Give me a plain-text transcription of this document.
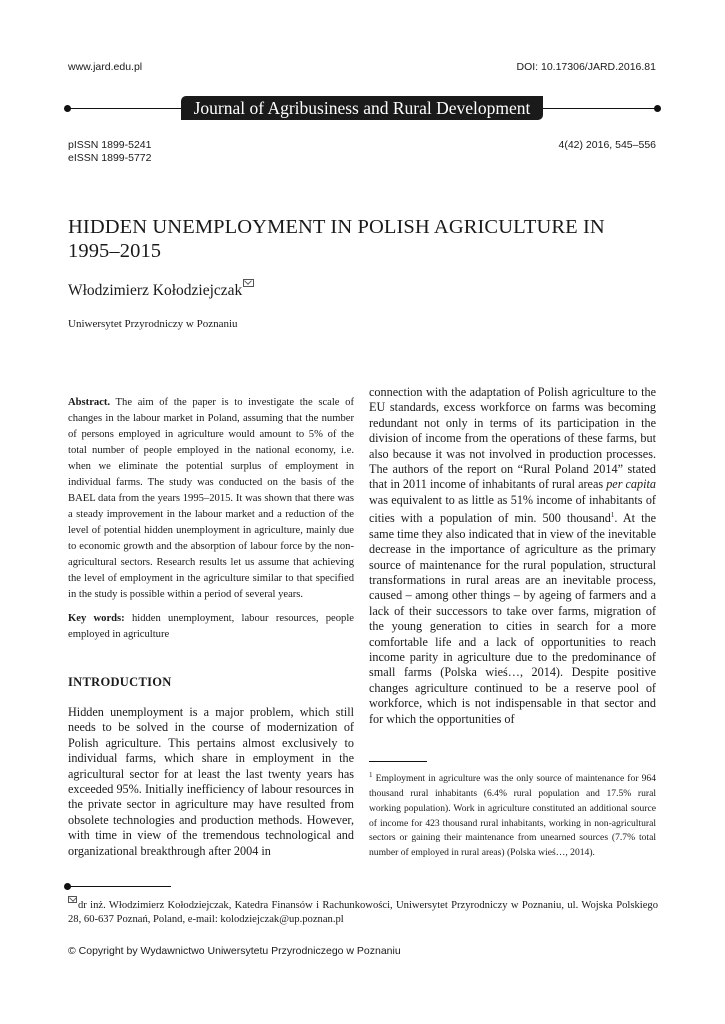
www.jard.edu.pl	DOI: 10.17306/JARD.2016.81
Journal of Agribusiness and Rural Development
pISSN 1899-5241
eISSN 1899-5772
4(42) 2016, 545–556
HIDDEN UNEMPLOYMENT IN POLISH AGRICULTURE IN 1995–2015
Włodzimierz Kołodziejczak
Uniwersytet Przyrodniczy w Poznaniu
Abstract. The aim of the paper is to investigate the scale of changes in the labour market in Poland, assuming that the number of persons employed in agriculture would amount to 5% of the total number of people employed in the national economy, i.e. when we eliminate the potential surplus of employment in individual farms. The study was conducted on the basis of the BAEL data from the years 1995–2015. It was shown that there was a steady improvement in the labour market and a reduction of the level of potential hidden unemployment in agriculture, mainly due to economic growth and the absorption of labour force by the non-agricultural sectors. Research results let us assume that achieving the level of employment in the agriculture similar to that specified in the study is possible within a period of several years.
Key words: hidden unemployment, labour resources, people employed in agriculture
INTRODUCTION
Hidden unemployment is a major problem, which still needs to be solved in the course of modernization of Polish agriculture. This pertains almost exclusively to individual farms, which share in employment in the agricultural sector for at least the last twenty years has exceeded 95%. Initially inefficiency of labour resources in the private sector in agriculture may have resulted from obsolete technologies and production methods. However, with time in view of the tremendous technological and organizational breakthrough after 2004 in
connection with the adaptation of Polish agriculture to the EU standards, excess workforce on farms was becoming redundant not only in terms of its participation in the division of income from the operations of these farms, but also because it was not involved in production processes. The authors of the report on “Rural Poland 2014” stated that in 2011 income of inhabitants of rural areas per capita was equivalent to as little as 51% income of inhabitants of cities with a population of min. 500 thousand$^1$. At the same time they also indicated that in view of the inevitable decrease in the importance of agriculture as the primary source of maintenance for the rural population, structural transformations in rural areas are an inevitable process, caused – among other things – by ageing of farmers and a lack of their successors to take over farms, migration of the young generation to cities in search for a more comfortable life and a lack of opportunities to reach income parity in agriculture due to the predominance of small farms (Polska wieś…, 2014). Despite positive changes agriculture continued to be a reserve pool of workforce, which is not indispensable in that sector and for which the opportunities of
$^1$ Employment in agriculture was the only source of maintenance for 964 thousand rural inhabitants (6.4% rural population and 17.5% rural working population). Work in agriculture constituted an additional source of income for 423 thousand rural inhabitants, working in non-agricultural sectors or gaining their maintenance from unearned sources (7.7% total number of employed in rural areas) (Polska wieś…, 2014).
dr inż. Włodzimierz Kołodziejczak, Katedra Finansów i Rachunkowości, Uniwersytet Przyrodniczy w Poznaniu, ul. Wojska Polskiego 28, 60-637 Poznań, Poland, e-mail: kolodziejczak@up.poznan.pl
© Copyright by Wydawnictwo Uniwersytetu Przyrodniczego w Poznaniu
